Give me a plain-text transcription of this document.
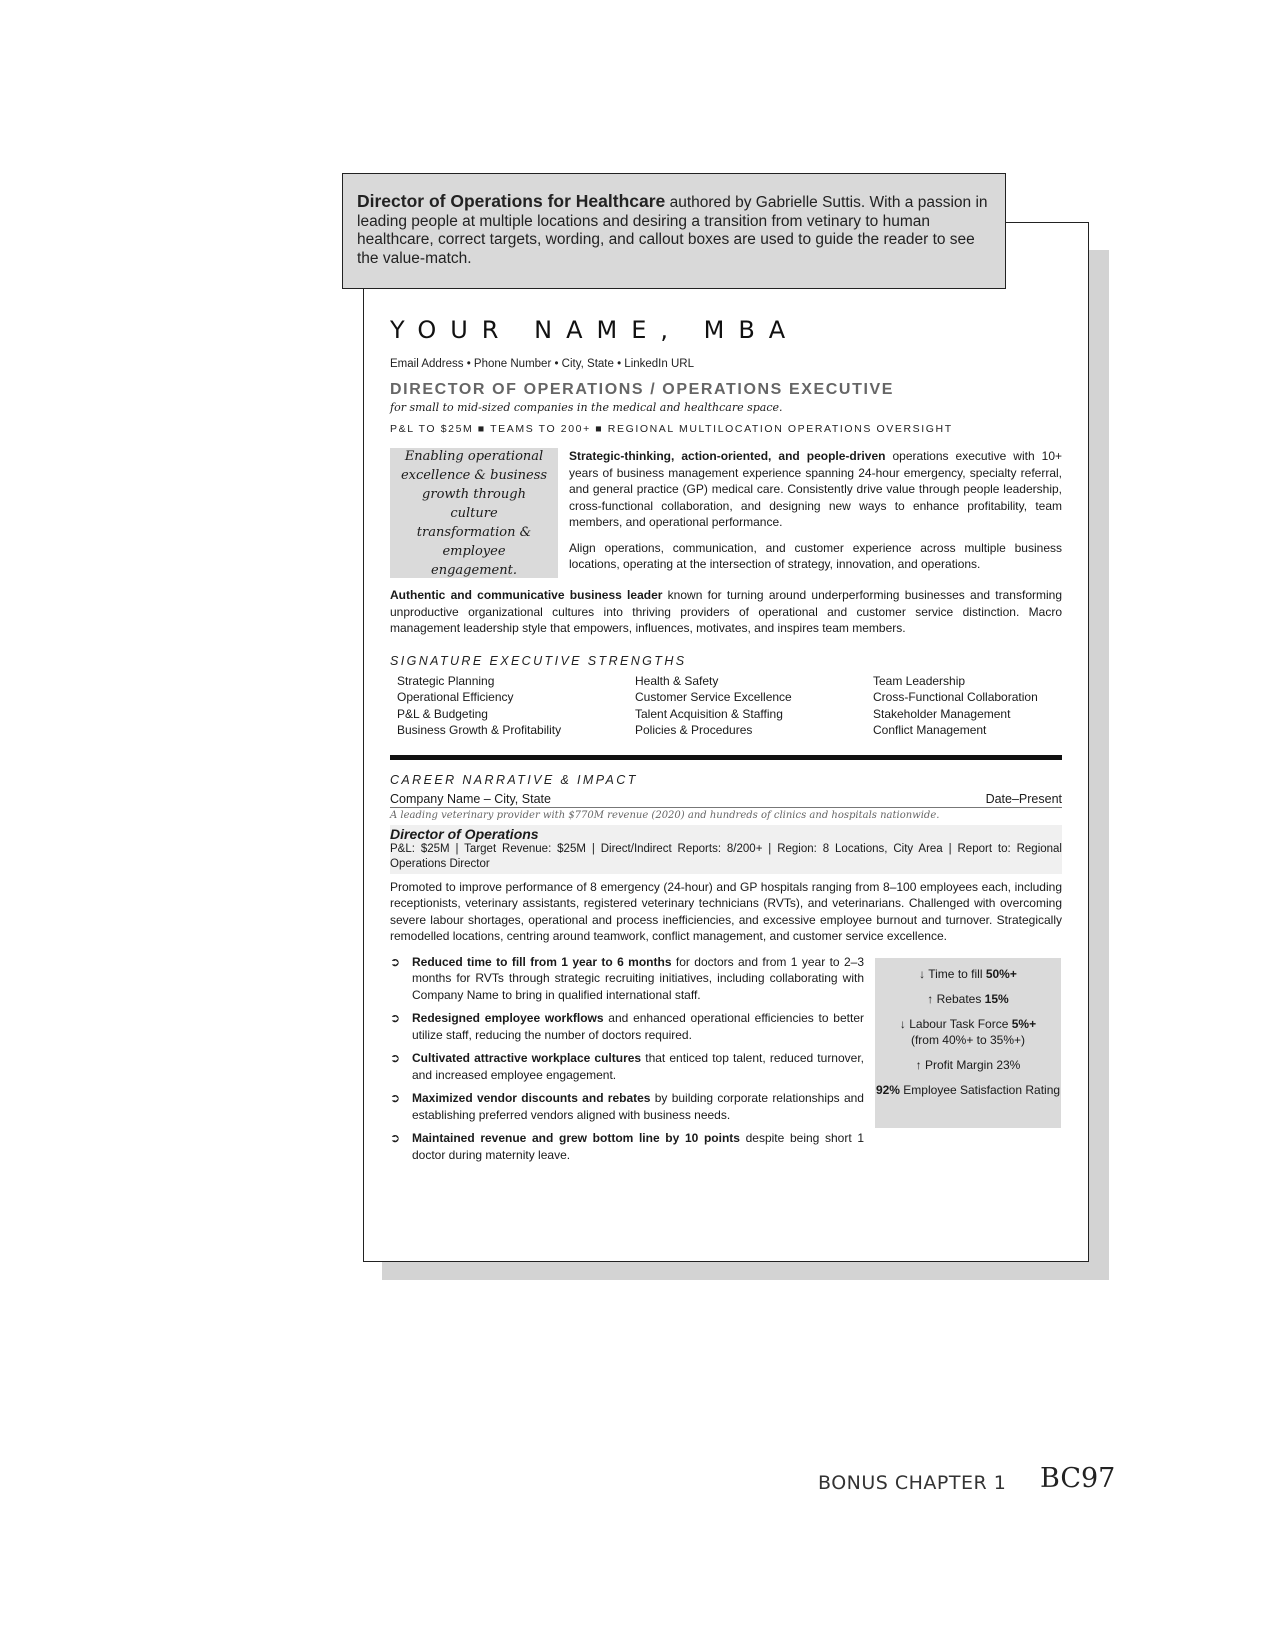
Director of Operations for Healthcare authored by Gabrielle Suttis. With a passion in leading people at multiple locations and desiring a transition from vetinary to human healthcare, correct targets, wording, and callout boxes are used to guide the reader to see the value-match.
YOUR NAME, MBA
Email Address • Phone Number • City, State • LinkedIn URL
DIRECTOR OF OPERATIONS / OPERATIONS EXECUTIVE
for small to mid-sized companies in the medical and healthcare space.
P&L TO $25M ■ TEAMS TO 200+ ■ REGIONAL MULTILOCATION OPERATIONS OVERSIGHT
Enabling operational excellence & business growth through culture transformation & employee engagement.

Strategic-thinking, action-oriented, and people-driven operations executive with 10+ years of business management experience spanning 24-hour emergency, specialty referral, and general practice (GP) medical care. Consistently drive value through people leadership, cross-functional collaboration, and designing new ways to enhance profitability, team members, and operational performance.

Align operations, communication, and customer experience across multiple business locations, operating at the intersection of strategy, innovation, and operations.

Authentic and communicative business leader known for turning around underperforming businesses and transforming unproductive organizational cultures into thriving providers of operational and customer service distinction. Macro management leadership style that empowers, influences, motivates, and inspires team members.

SIGNATURE EXECUTIVE STRENGTHS
Strategic Planning	Health & Safety	Team Leadership
Operational Efficiency	Customer Service Excellence	Cross-Functional Collaboration
P&L & Budgeting	Talent Acquisition & Staffing	Stakeholder Management
Business Growth & Profitability	Policies & Procedures	Conflict Management
CAREER NARRATIVE & IMPACT
Company Name – City, State	Date–Present
A leading veterinary provider with $770M revenue (2020) and hundreds of clinics and hospitals nationwide.
Director of Operations
P&L: $25M | Target Revenue: $25M | Direct/Indirect Reports: 8/200+ | Region: 8 Locations, City Area | Report to: Regional Operations Director

Promoted to improve performance of 8 emergency (24-hour) and GP hospitals ranging from 8–100 employees each, including receptionists, veterinary assistants, registered veterinary technicians (RVTs), and veterinarians. Challenged with overcoming severe labour shortages, operational and process inefficiencies, and excessive employee burnout and turnover. Strategically remodelled locations, centring around teamwork, conflict management, and customer service excellence.

➲ Reduced time to fill from 1 year to 6 months for doctors and from 1 year to 2–3 months for RVTs through strategic recruiting initiatives, including collaborating with Company Name to bring in qualified international staff.
➲ Redesigned employee workflows and enhanced operational efficiencies to better utilize staff, reducing the number of doctors required.
➲ Cultivated attractive workplace cultures that enticed top talent, reduced turnover, and increased employee engagement.
➲ Maximized vendor discounts and rebates by building corporate relationships and establishing preferred vendors aligned with business needs.
➲ Maintained revenue and grew bottom line by 10 points despite being short 1 doctor during maternity leave.
↓ Time to fill 50%+
↑ Rebates 15%
↓ Labour Task Force 5%+
(from 40%+ to 35%+)
↑ Profit Margin 23%
92% Employee Satisfaction Rating
BONUS CHAPTER 1 BC97
